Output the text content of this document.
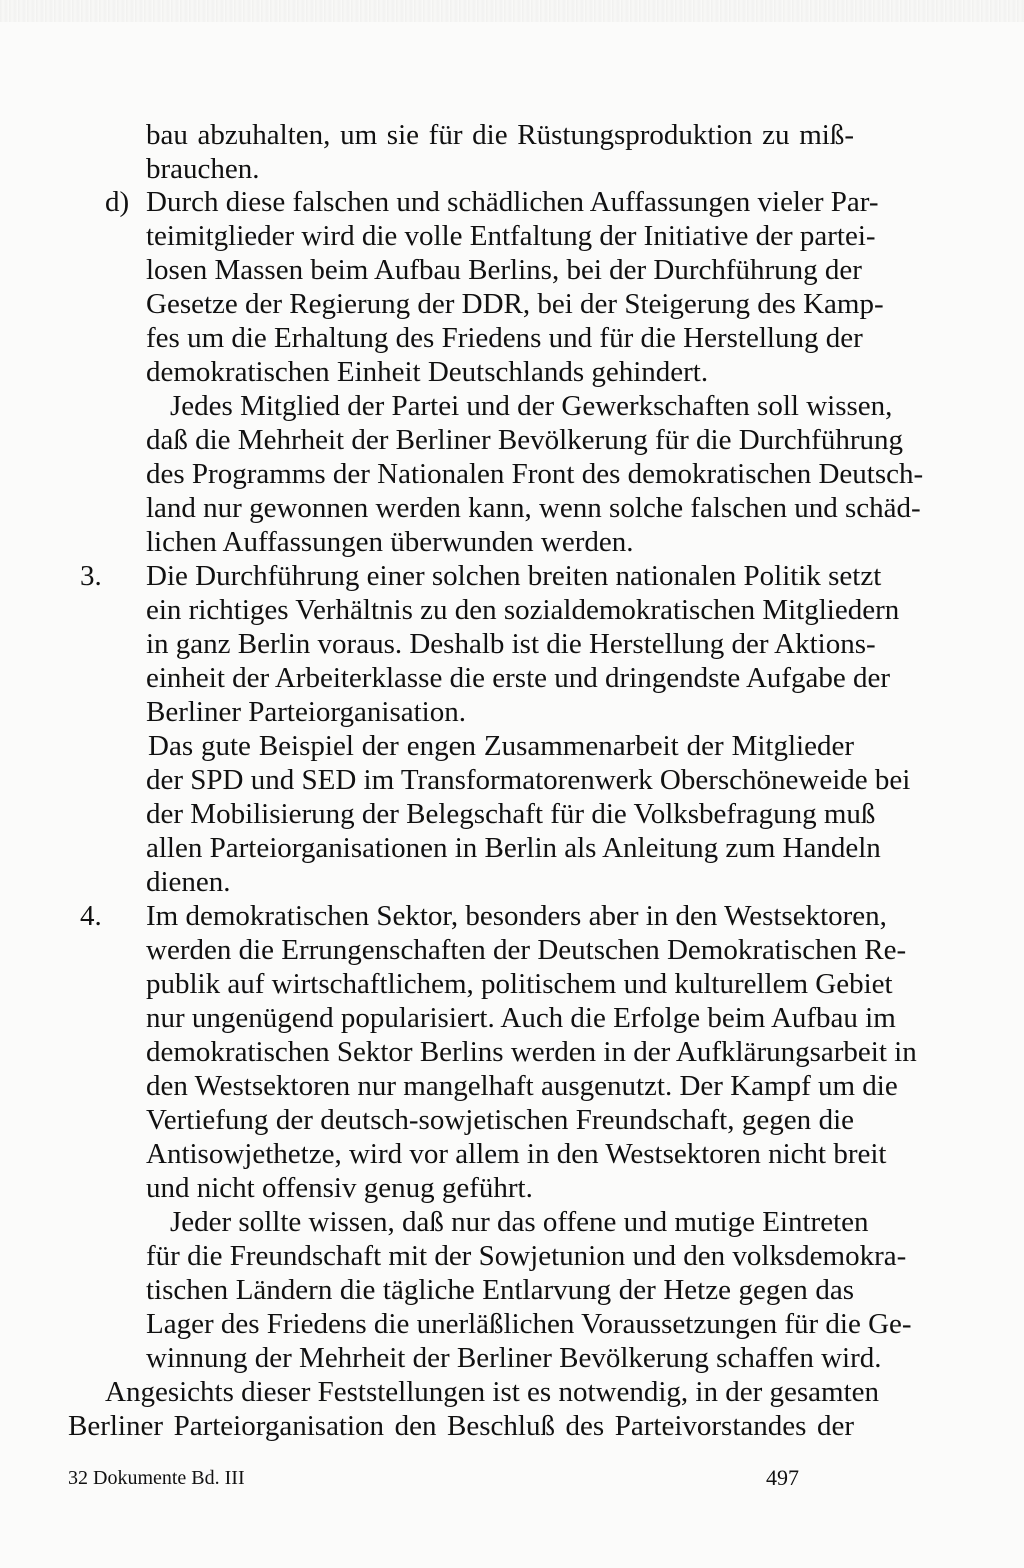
bau abzuhalten, um sie für die Rüstungsproduktion zu miß-
brauchen.
d) Durch diese falschen und schädlichen Auffassungen vieler Par-
teimitglieder wird die volle Entfaltung der Initiative der partei-
losen Massen beim Aufbau Berlins, bei der Durchführung der
Gesetze der Regierung der DDR, bei der Steigerung des Kamp-
fes um die Erhaltung des Friedens und für die Herstellung der
demokratischen Einheit Deutschlands gehindert.
Jedes Mitglied der Partei und der Gewerkschaften soll wissen,
daß die Mehrheit der Berliner Bevölkerung für die Durchführung
des Programms der Nationalen Front des demokratischen Deutsch-
land nur gewonnen werden kann, wenn solche falschen und schäd-
lichen Auffassungen überwunden werden.
3. Die Durchführung einer solchen breiten nationalen Politik setzt
ein richtiges Verhältnis zu den sozialdemokratischen Mitgliedern
in ganz Berlin voraus. Deshalb ist die Herstellung der Aktions-
einheit der Arbeiterklasse die erste und dringendste Aufgabe der
Berliner Parteiorganisation.
Das gute Beispiel der engen Zusammenarbeit der Mitglieder
der SPD und SED im Transformatorenwerk Oberschöneweide bei
der Mobilisierung der Belegschaft für die Volksbefragung muß
allen Parteiorganisationen in Berlin als Anleitung zum Handeln
dienen.
4. Im demokratischen Sektor, besonders aber in den Westsektoren,
werden die Errungenschaften der Deutschen Demokratischen Re-
publik auf wirtschaftlichem, politischem und kulturellem Gebiet
nur ungenügend popularisiert. Auch die Erfolge beim Aufbau im
demokratischen Sektor Berlins werden in der Aufklärungsarbeit in
den Westsektoren nur mangelhaft ausgenutzt. Der Kampf um die
Vertiefung der deutsch-sowjetischen Freundschaft, gegen die
Antisowjethetze, wird vor allem in den Westsektoren nicht breit
und nicht offensiv genug geführt.
Jeder sollte wissen, daß nur das offene und mutige Eintreten
für die Freundschaft mit der Sowjetunion und den volksdemokra-
tischen Ländern die tägliche Entlarvung der Hetze gegen das
Lager des Friedens die unerläßlichen Voraussetzungen für die Ge-
winnung der Mehrheit der Berliner Bevölkerung schaffen wird.
Angesichts dieser Feststellungen ist es notwendig, in der gesamten
Berliner Parteiorganisation den Beschluß des Parteivorstandes der
32 Dokumente Bd. III	497
